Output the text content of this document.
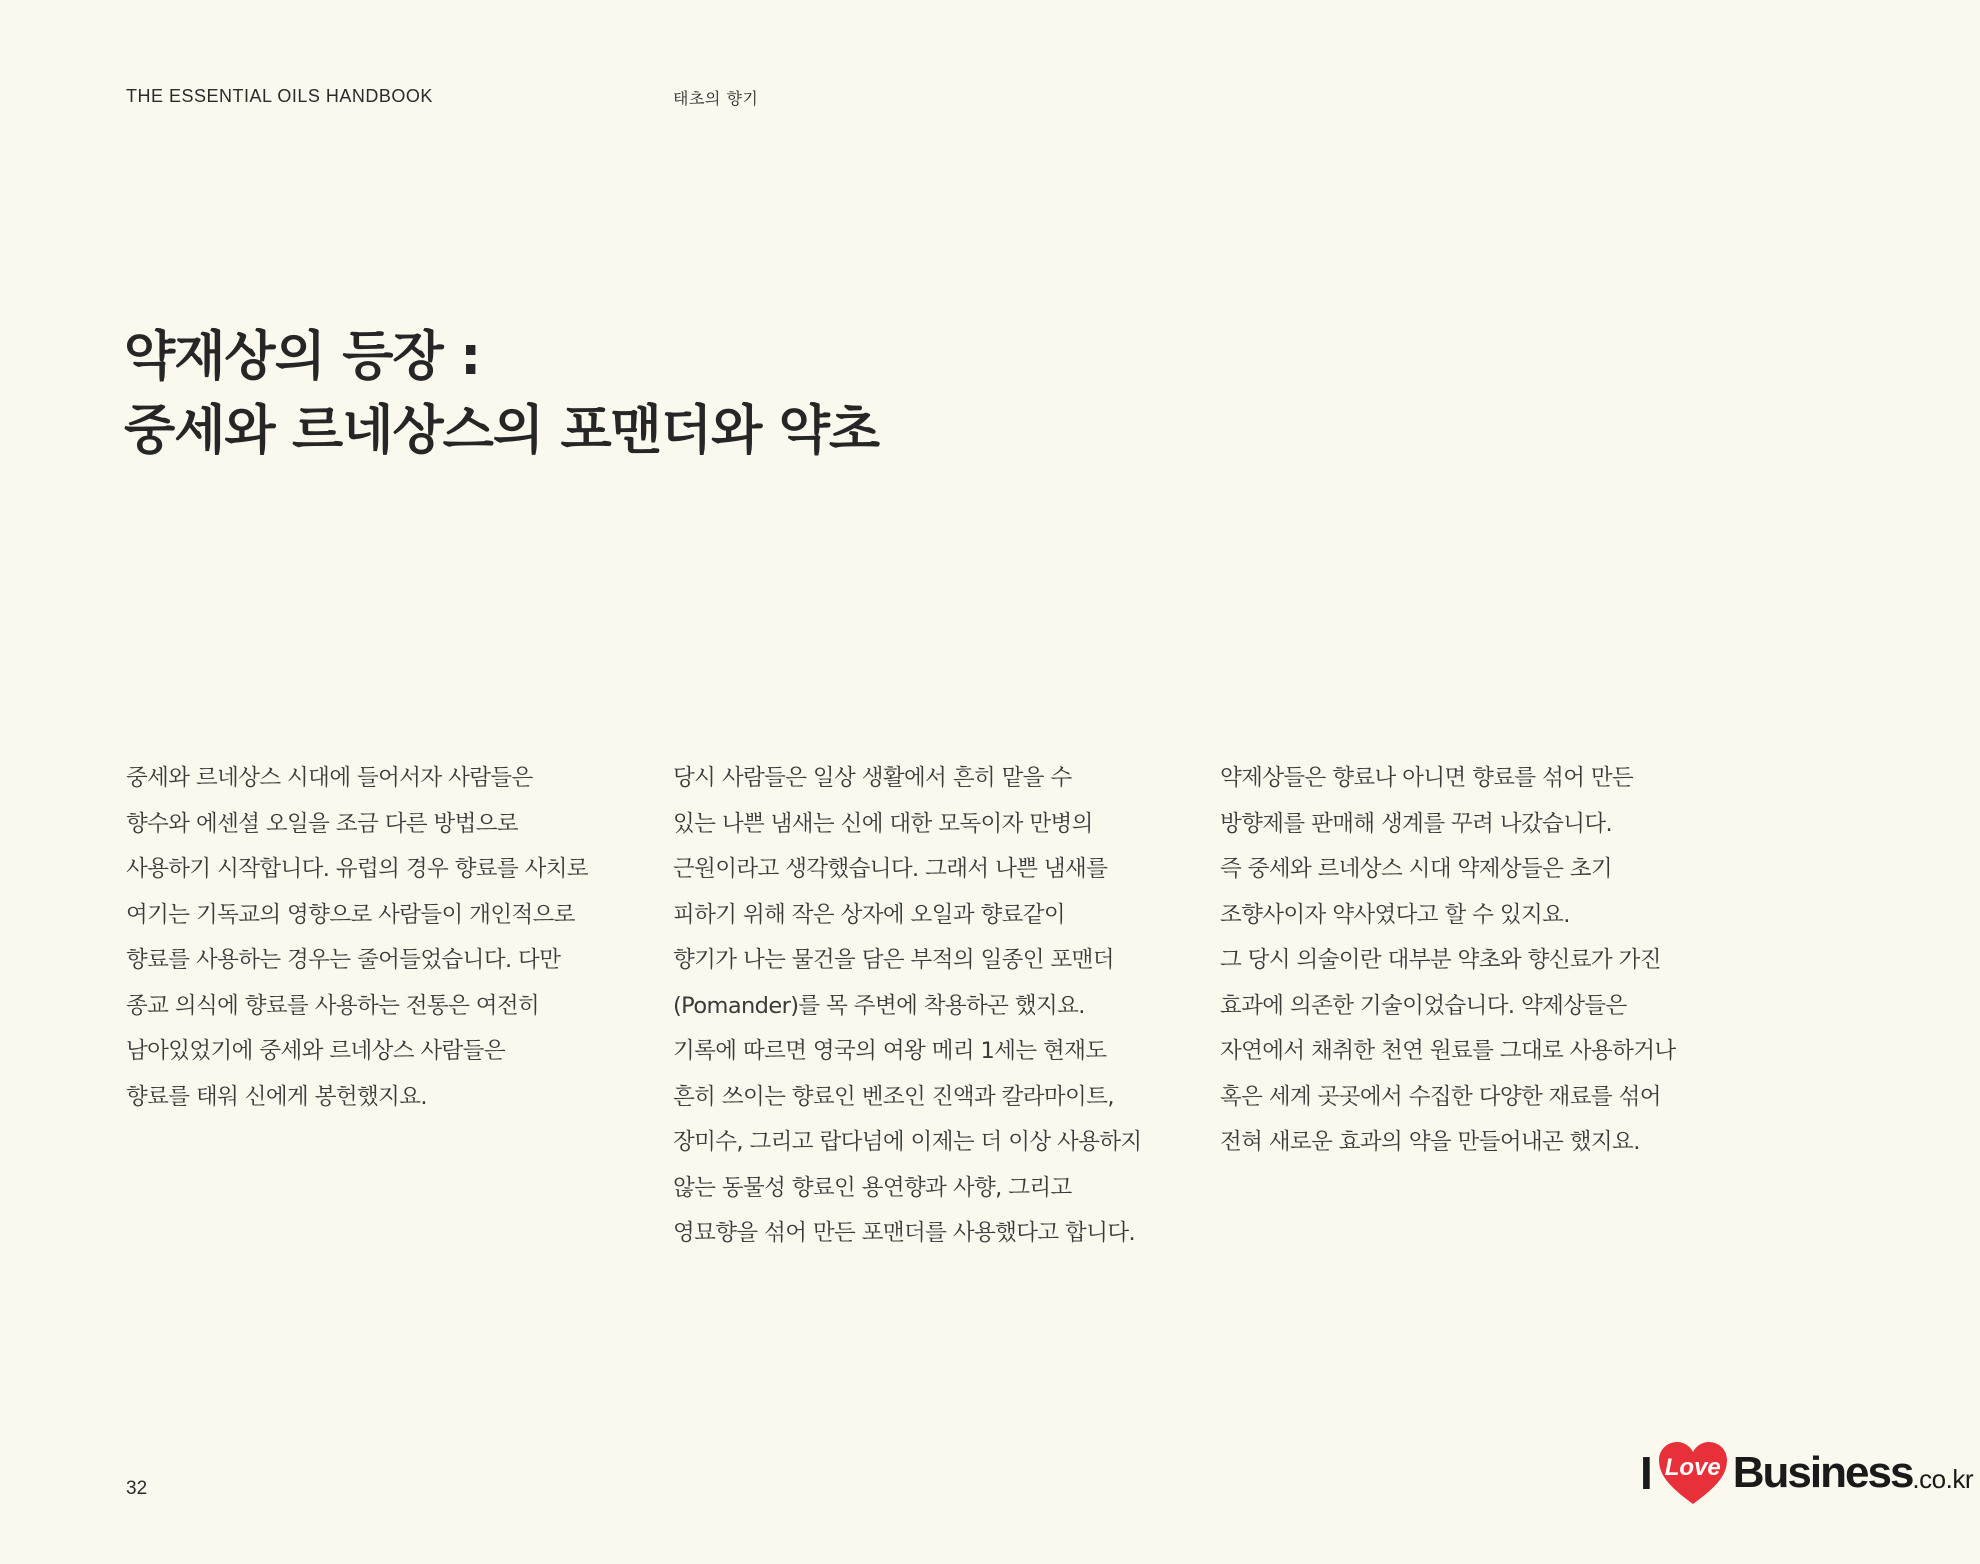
THE ESSENTIAL OILS HANDBOOK	태초의 향기
약재상의 등장 :
중세와 르네상스의 포맨더와 약초

중세와 르네상스 시대에 들어서자 사람들은

향수와 에센셜 오일을 조금 다른 방법으로

사용하기 시작합니다. 유럽의 경우 향료를 사치로

여기는 기독교의 영향으로 사람들이 개인적으로

향료를 사용하는 경우는 줄어들었습니다. 다만

종교 의식에 향료를 사용하는 전통은 여전히

남아있었기에 중세와 르네상스 사람들은

향료를 태워 신에게 봉헌했지요.

당시 사람들은 일상 생활에서 흔히 맡을 수

있는 나쁜 냄새는 신에 대한 모독이자 만병의

근원이라고 생각했습니다. 그래서 나쁜 냄새를

피하기 위해 작은 상자에 오일과 향료같이

향기가 나는 물건을 담은 부적의 일종인 포맨더

(Pomander)를 목 주변에 착용하곤 했지요.

기록에 따르면 영국의 여왕 메리 1세는 현재도

흔히 쓰이는 향료인 벤조인 진액과 칼라마이트,

장미수, 그리고 랍다넘에 이제는 더 이상 사용하지

않는 동물성 향료인 용연향과 사향, 그리고

영묘향을 섞어 만든 포맨더를 사용했다고 합니다.

약제상들은 향료나 아니면 향료를 섞어 만든

방향제를 판매해 생계를 꾸려 나갔습니다.

즉 중세와 르네상스 시대 약제상들은 초기

조향사이자 약사였다고 할 수 있지요.

그 당시 의술이란 대부분 약초와 향신료가 가진

효과에 의존한 기술이었습니다. 약제상들은

자연에서 채취한 천연 원료를 그대로 사용하거나

혹은 세계 곳곳에서 수집한 다양한 재료를 섞어

전혀 새로운 효과의 약을 만들어내곤 했지요.

32	I Love Business .co.kr
